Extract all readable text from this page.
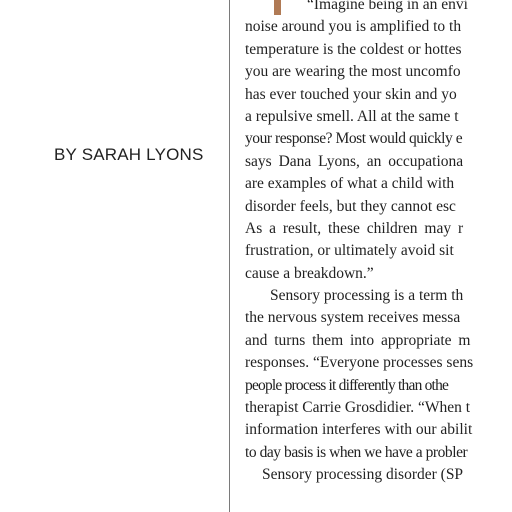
BY SARAH LYONS
“Imagine being in an envi
noise around you is amplified to th
temperature is the coldest or hottes
you are wearing the most uncomfo
has ever touched your skin and yo
a repulsive smell. All at the same t
your response? Most would quickly e
says Dana Lyons, an occupationa
are examples of what a child with
disorder feels, but they cannot esc
As a result, these children may r
frustration, or ultimately avoid sit
cause a breakdown.”
Sensory processing is a term th
the nervous system receives messa
and turns them into appropriate m
responses. “Everyone processes sens
people process it differently than othe
therapist Carrie Grosdidier. “When t
information interferes with our abilit
to day basis is when we have a probler
Sensory processing disorder (SP
